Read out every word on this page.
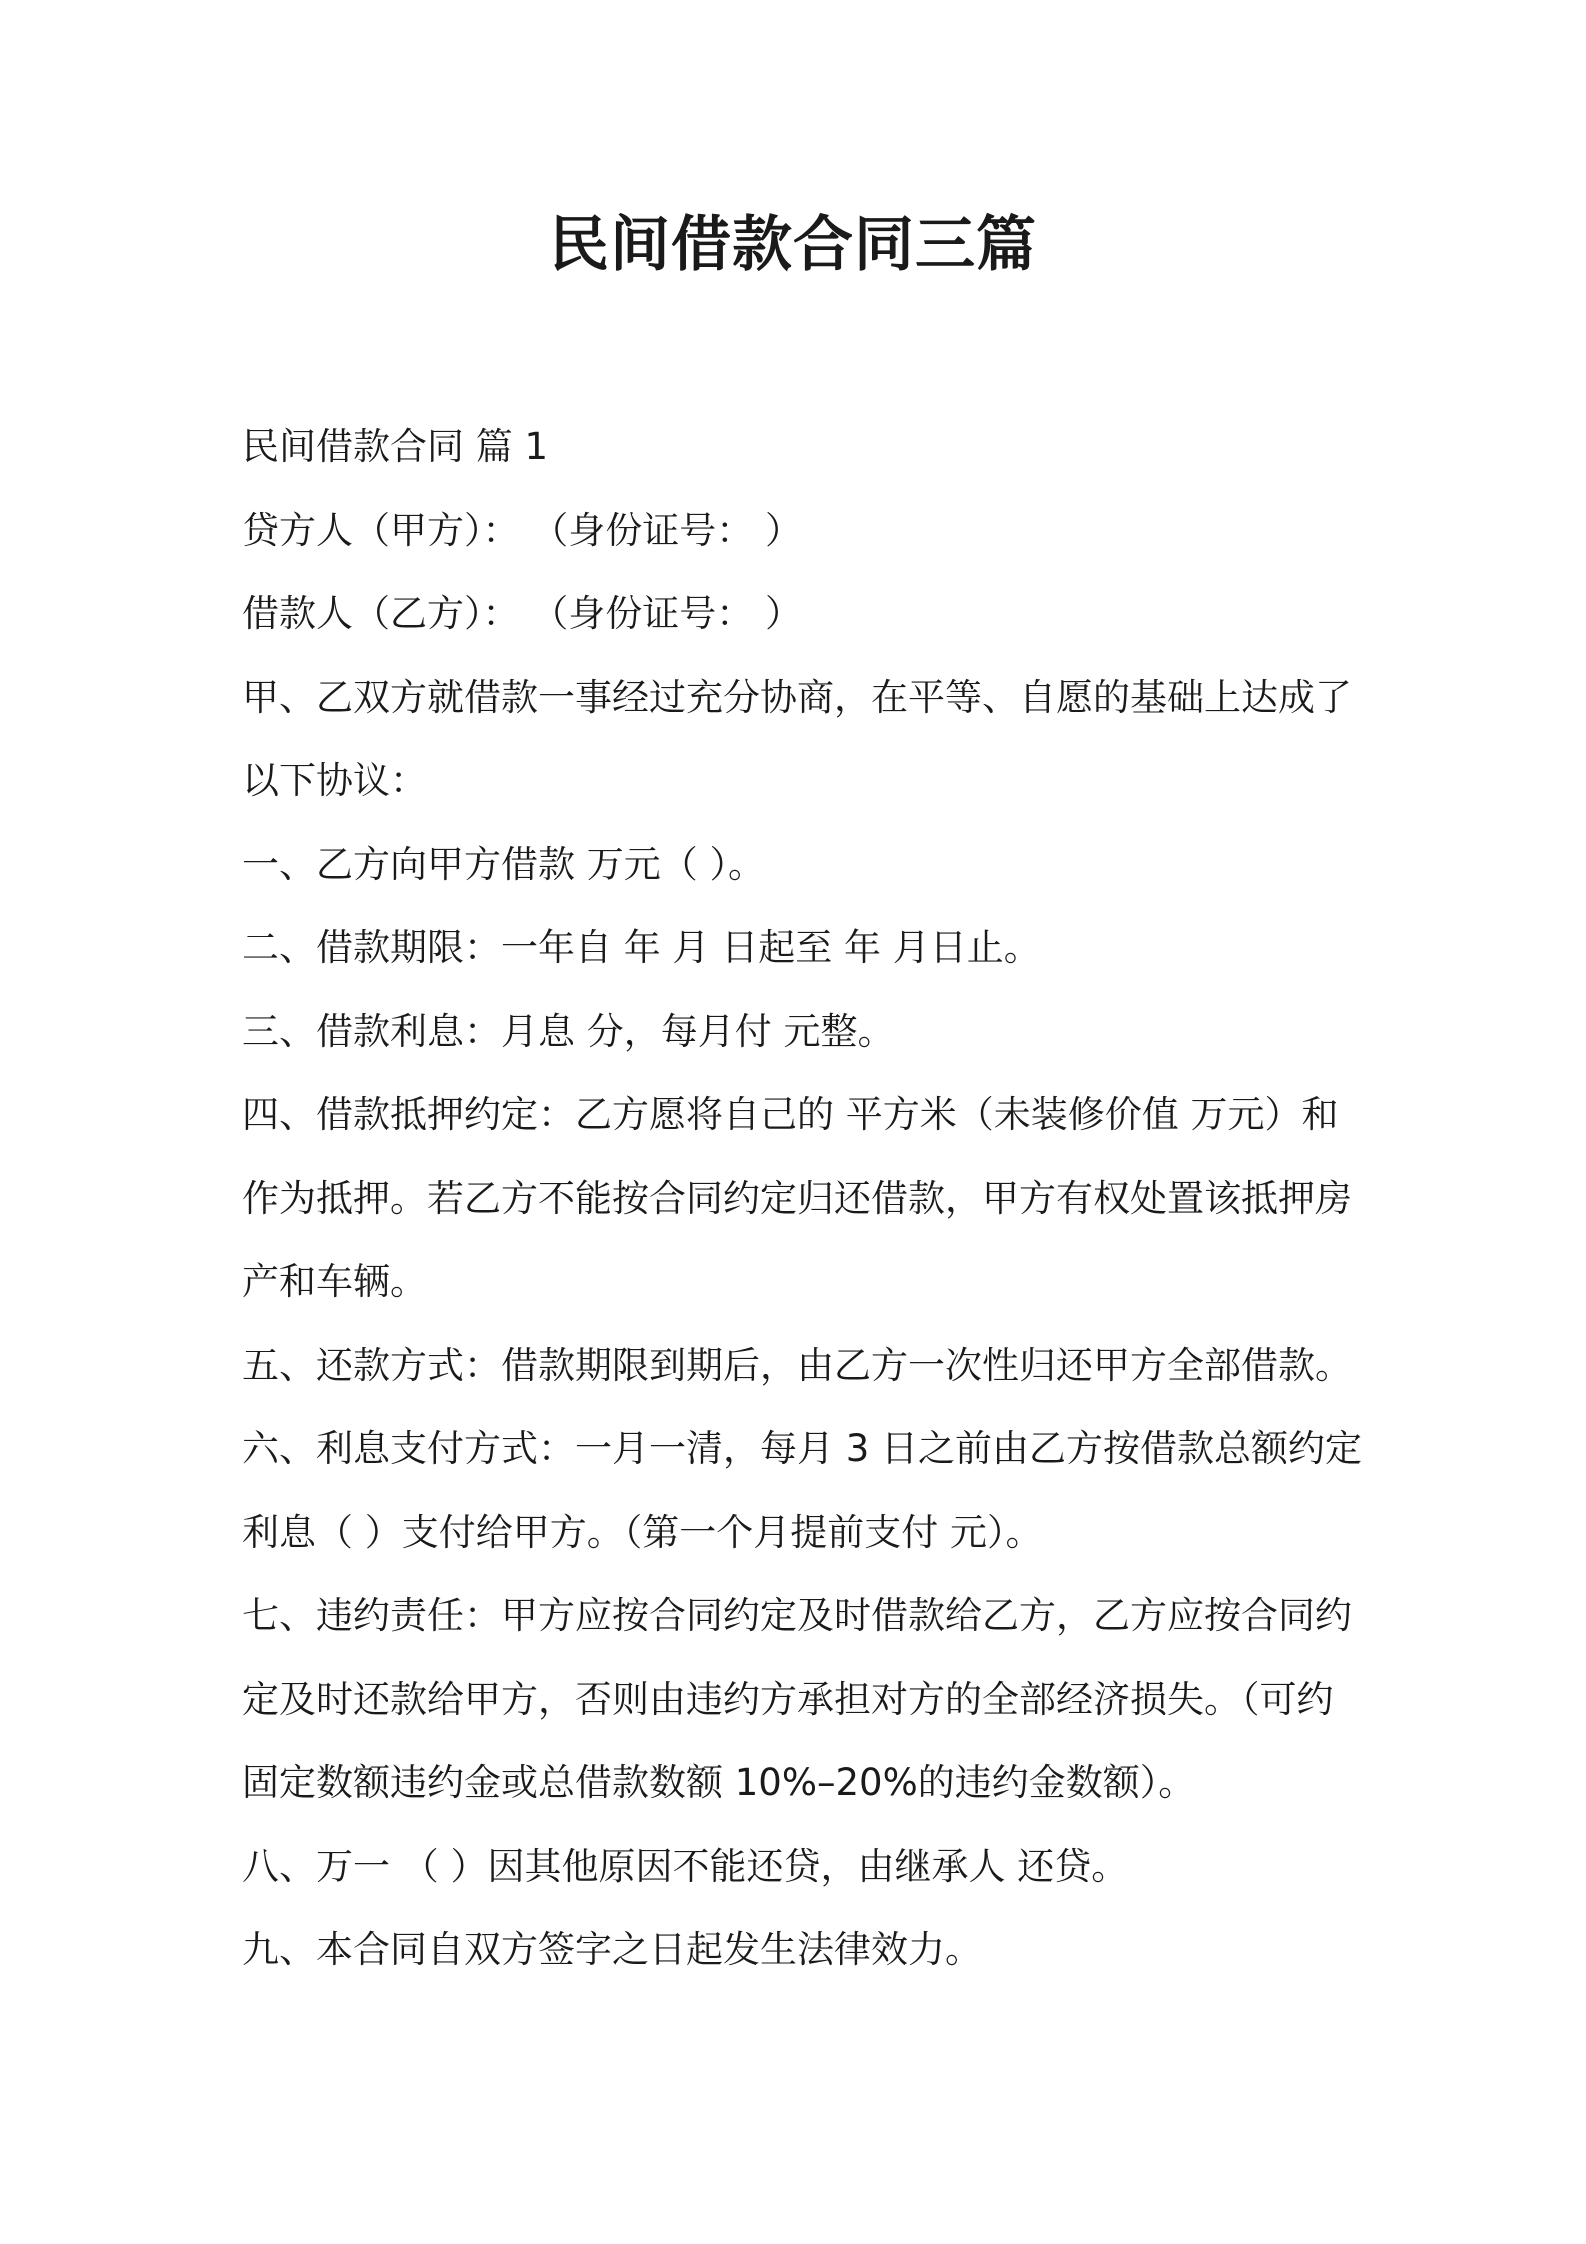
民间借款合同三篇
民间借款合同 篇 1
贷方人（甲方）： （身份证号： ）
借款人（乙方）： （身份证号： ）
甲、乙双方就借款一事经过充分协商，在平等、自愿的基础上达成了
以下协议：
一、乙方向甲方借款 万元（ ）。
二、借款期限：一年自 年 月 日起至 年 月日止。
三、借款利息：月息 分，每月付 元整。
四、借款抵押约定：乙方愿将自己的 平方米（未装修价值 万元）和
作为抵押。若乙方不能按合同约定归还借款，甲方有权处置该抵押房
产和车辆。
五、还款方式：借款期限到期后，由乙方一次性归还甲方全部借款。
六、利息支付方式：一月一清，每月 3 日之前由乙方按借款总额约定
利息（ ）支付给甲方。（第一个月提前支付 元）。
七、违约责任：甲方应按合同约定及时借款给乙方，乙方应按合同约
定及时还款给甲方，否则由违约方承担对方的全部经济损失。（可约
固定数额违约金或总借款数额 10%–20%的违约金数额）。
八、万一 （ ）因其他原因不能还贷，由继承人 还贷。
九、本合同自双方签字之日起发生法律效力。
